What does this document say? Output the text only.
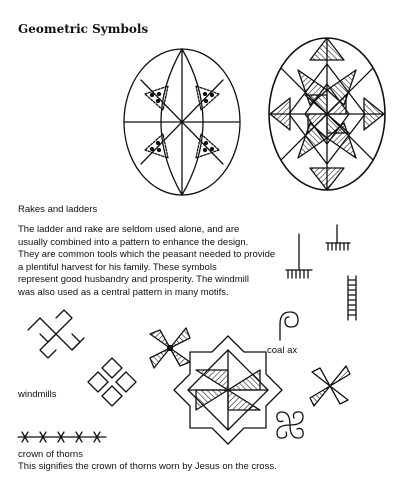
Geometric Symbols
Rakes and ladders
The ladder and rake are seldom used alone, and are
usually combined into a pattern to enhance the design.
They are common tools which the peasant needed to provide
a plentiful harvest for his family. These symbols
represent good husbandry and prosperity. The windmill
was also used as a central pattern in many motifs.
coal ax
windmills
crown of thorns
This signifies the crown of thorns worn by Jesus on the cross.
